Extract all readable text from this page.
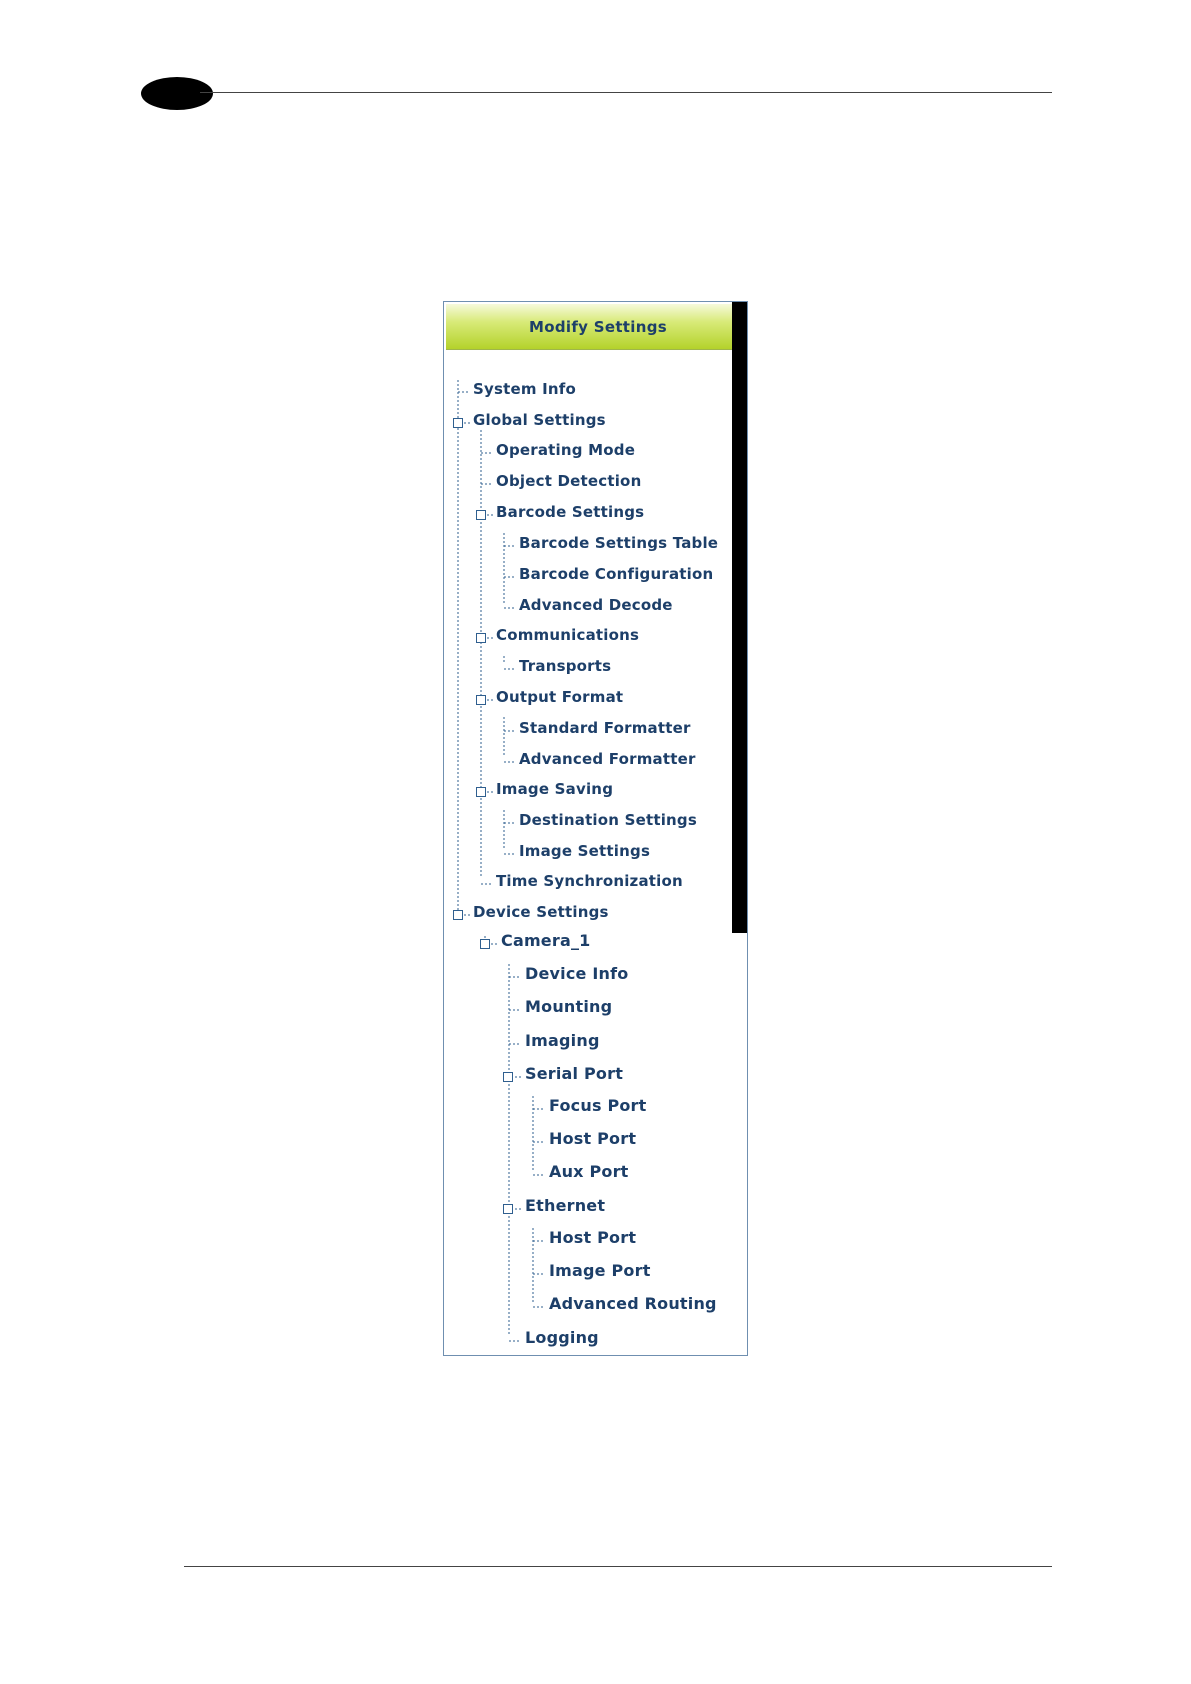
Modify Settings
System Info
Global Settings
Operating Mode
Object Detection
Barcode Settings
Barcode Settings Table
Barcode Configuration
Advanced Decode
Communications
Transports
Output Format
Standard Formatter
Advanced Formatter
Image Saving
Destination Settings
Image Settings
Time Synchronization
Device Settings
Camera_1
Device Info
Mounting
Imaging
Serial Port
Focus Port
Host Port
Aux Port
Ethernet
Host Port
Image Port
Advanced Routing
Logging
